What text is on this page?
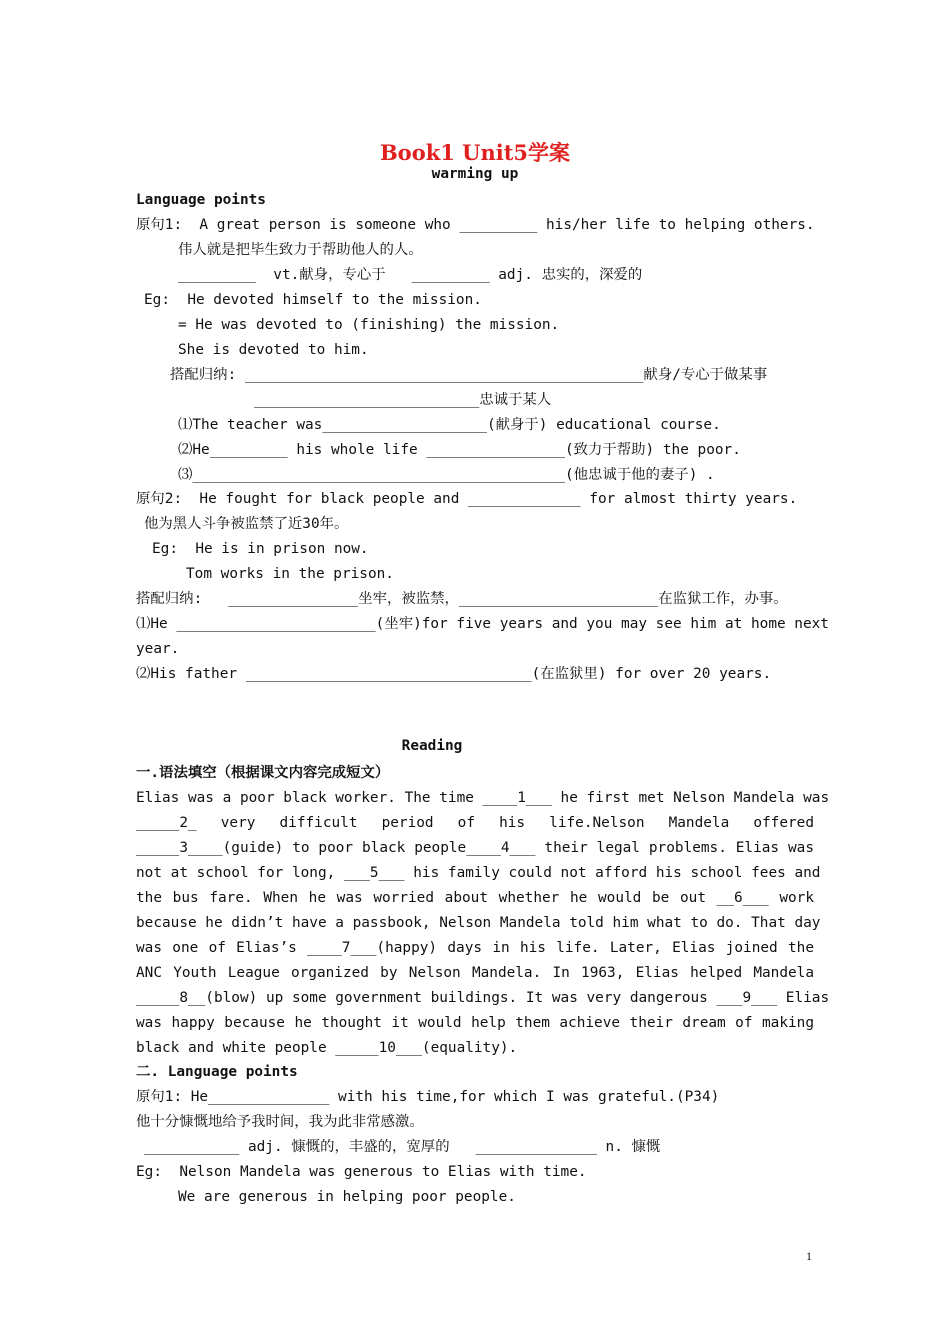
Book1 Unit5学案
warming up
Language points
原句1:  A great person is someone who _________ his/her life to helping others.
伟人就是把毕生致力于帮助他人的人。
_________  vt.献身，专心于   _________ adj. 忠实的，深爱的
Eg:  He devoted himself to the mission.
= He was devoted to (finishing) the mission.
She is devoted to him.
搭配归纳: ______________________________________________献身/专心于做某事
__________________________忠诚于某人
⑴The teacher was___________________(献身于) educational course.
⑵He_________ his whole life ________________(致力于帮助) the poor.
⑶___________________________________________(他忠诚于他的妻子) .
原句2:  He fought for black people and _____________ for almost thirty years.
他为黑人斗争被监禁了近30年。
Eg:  He is in prison now.
Tom works in the prison.
搭配归纳:   _______________坐牢，被监禁，_______________________在监狱工作，办事。
⑴He _______________________(坐牢)for five years and you may see him at home next
year.
⑵His father _________________________________(在监狱里) for over 20 years.
Reading
一.语法填空（根据课文内容完成短文）
Elias was a poor black worker. The time ____1___ he first met Nelson Mandela was
_____2_ very difficult period of his life.Nelson Mandela offered
_____3____(guide) to poor black people____4___ their legal problems. Elias was
not at school for long, ___5___ his family could not afford his school fees and
the bus fare. When he was worried about whether he would be out __6___ work
because he didn’t have a passbook, Nelson Mandela told him what to do. That day
was one of Elias’s ____7___(happy) days in his life. Later, Elias joined the
ANC Youth League organized by Nelson Mandela. In 1963, Elias helped Mandela
_____8__(blow) up some government buildings. It was very dangerous ___9___ Elias
was happy because he thought it would help them achieve their dream of making
black and white people _____10___(equality).
二. Language points
原句1: He______________ with his time,for which I was grateful.(P34)
他十分慷慨地给予我时间，我为此非常感激。
___________ adj. 慷慨的，丰盛的，宽厚的   ______________ n. 慷慨
Eg:  Nelson Mandela was generous to Elias with time.
We are generous in helping poor people.
1
